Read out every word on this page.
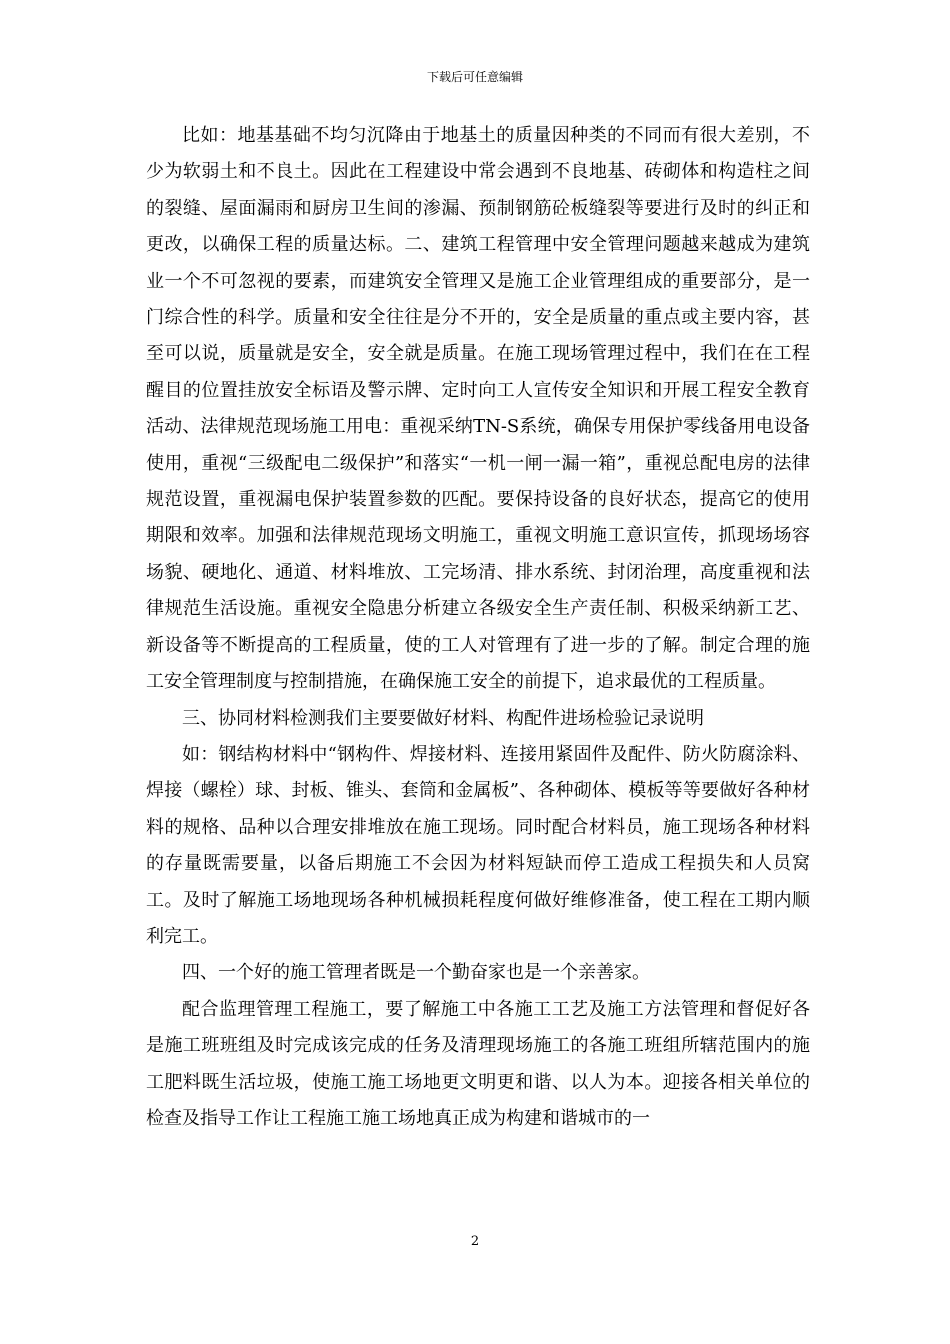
下载后可任意编辑

比如：地基基础不均匀沉降由于地基土的质量因种类的不同而有很大差别，不少为软弱土和不良土。因此在工程建设中常会遇到不良地基、砖砌体和构造柱之间的裂缝、屋面漏雨和厨房卫生间的渗漏、预制钢筋砼板缝裂等要进行及时的纠正和更改，以确保工程的质量达标。二、建筑工程管理中安全管理问题越来越成为建筑业一个不可忽视的要素，而建筑安全管理又是施工企业管理组成的重要部分，是一门综合性的科学。质量和安全往往是分不开的，安全是质量的重点或主要内容，甚至可以说，质量就是安全，安全就是质量。在施工现场管理过程中，我们在在工程醒目的位置挂放安全标语及警示牌、定时向工人宣传安全知识和开展工程安全教育活动、法律规范现场施工用电：重视采纳TN-S系统，确保专用保护零线备用电设备使用，重视“三级配电二级保护”和落实“一机一闸一漏一箱”，重视总配电房的法律规范设置，重视漏电保护装置参数的匹配。要保持设备的良好状态，提高它的使用期限和效率。加强和法律规范现场文明施工，重视文明施工意识宣传，抓现场场容场貌、硬地化、通道、材料堆放、工完场清、排水系统、封闭治理，高度重视和法律规范生活设施。重视安全隐患分析建立各级安全生产责任制、积极采纳新工艺、新设备等不断提高的工程质量，使的工人对管理有了进一步的了解。制定合理的施工安全管理制度与控制措施，在确保施工安全的前提下，追求最优的工程质量。

三、协同材料检测我们主要要做好材料、构配件进场检验记录说明

如：钢结构材料中“钢构件、焊接材料、连接用紧固件及配件、防火防腐涂料、焊接（螺栓）球、封板、锥头、套筒和金属板”、各种砌体、模板等等要做好各种材料的规格、品种以合理安排堆放在施工现场。同时配合材料员，施工现场各种材料的存量既需要量，以备后期施工不会因为材料短缺而停工造成工程损失和人员窝工。及时了解施工场地现场各种机械损耗程度何做好维修准备，使工程在工期内顺利完工。

四、一个好的施工管理者既是一个勤奋家也是一个亲善家。

配合监理管理工程施工，要了解施工中各施工工艺及施工方法管理和督促好各是施工班班组及时完成该完成的任务及清理现场施工的各施工班组所辖范围内的施工肥料既生活垃圾，使施工施工场地更文明更和谐、以人为本。迎接各相关单位的检查及指导工作让工程施工施工场地真正成为构建和谐城市的一

2
